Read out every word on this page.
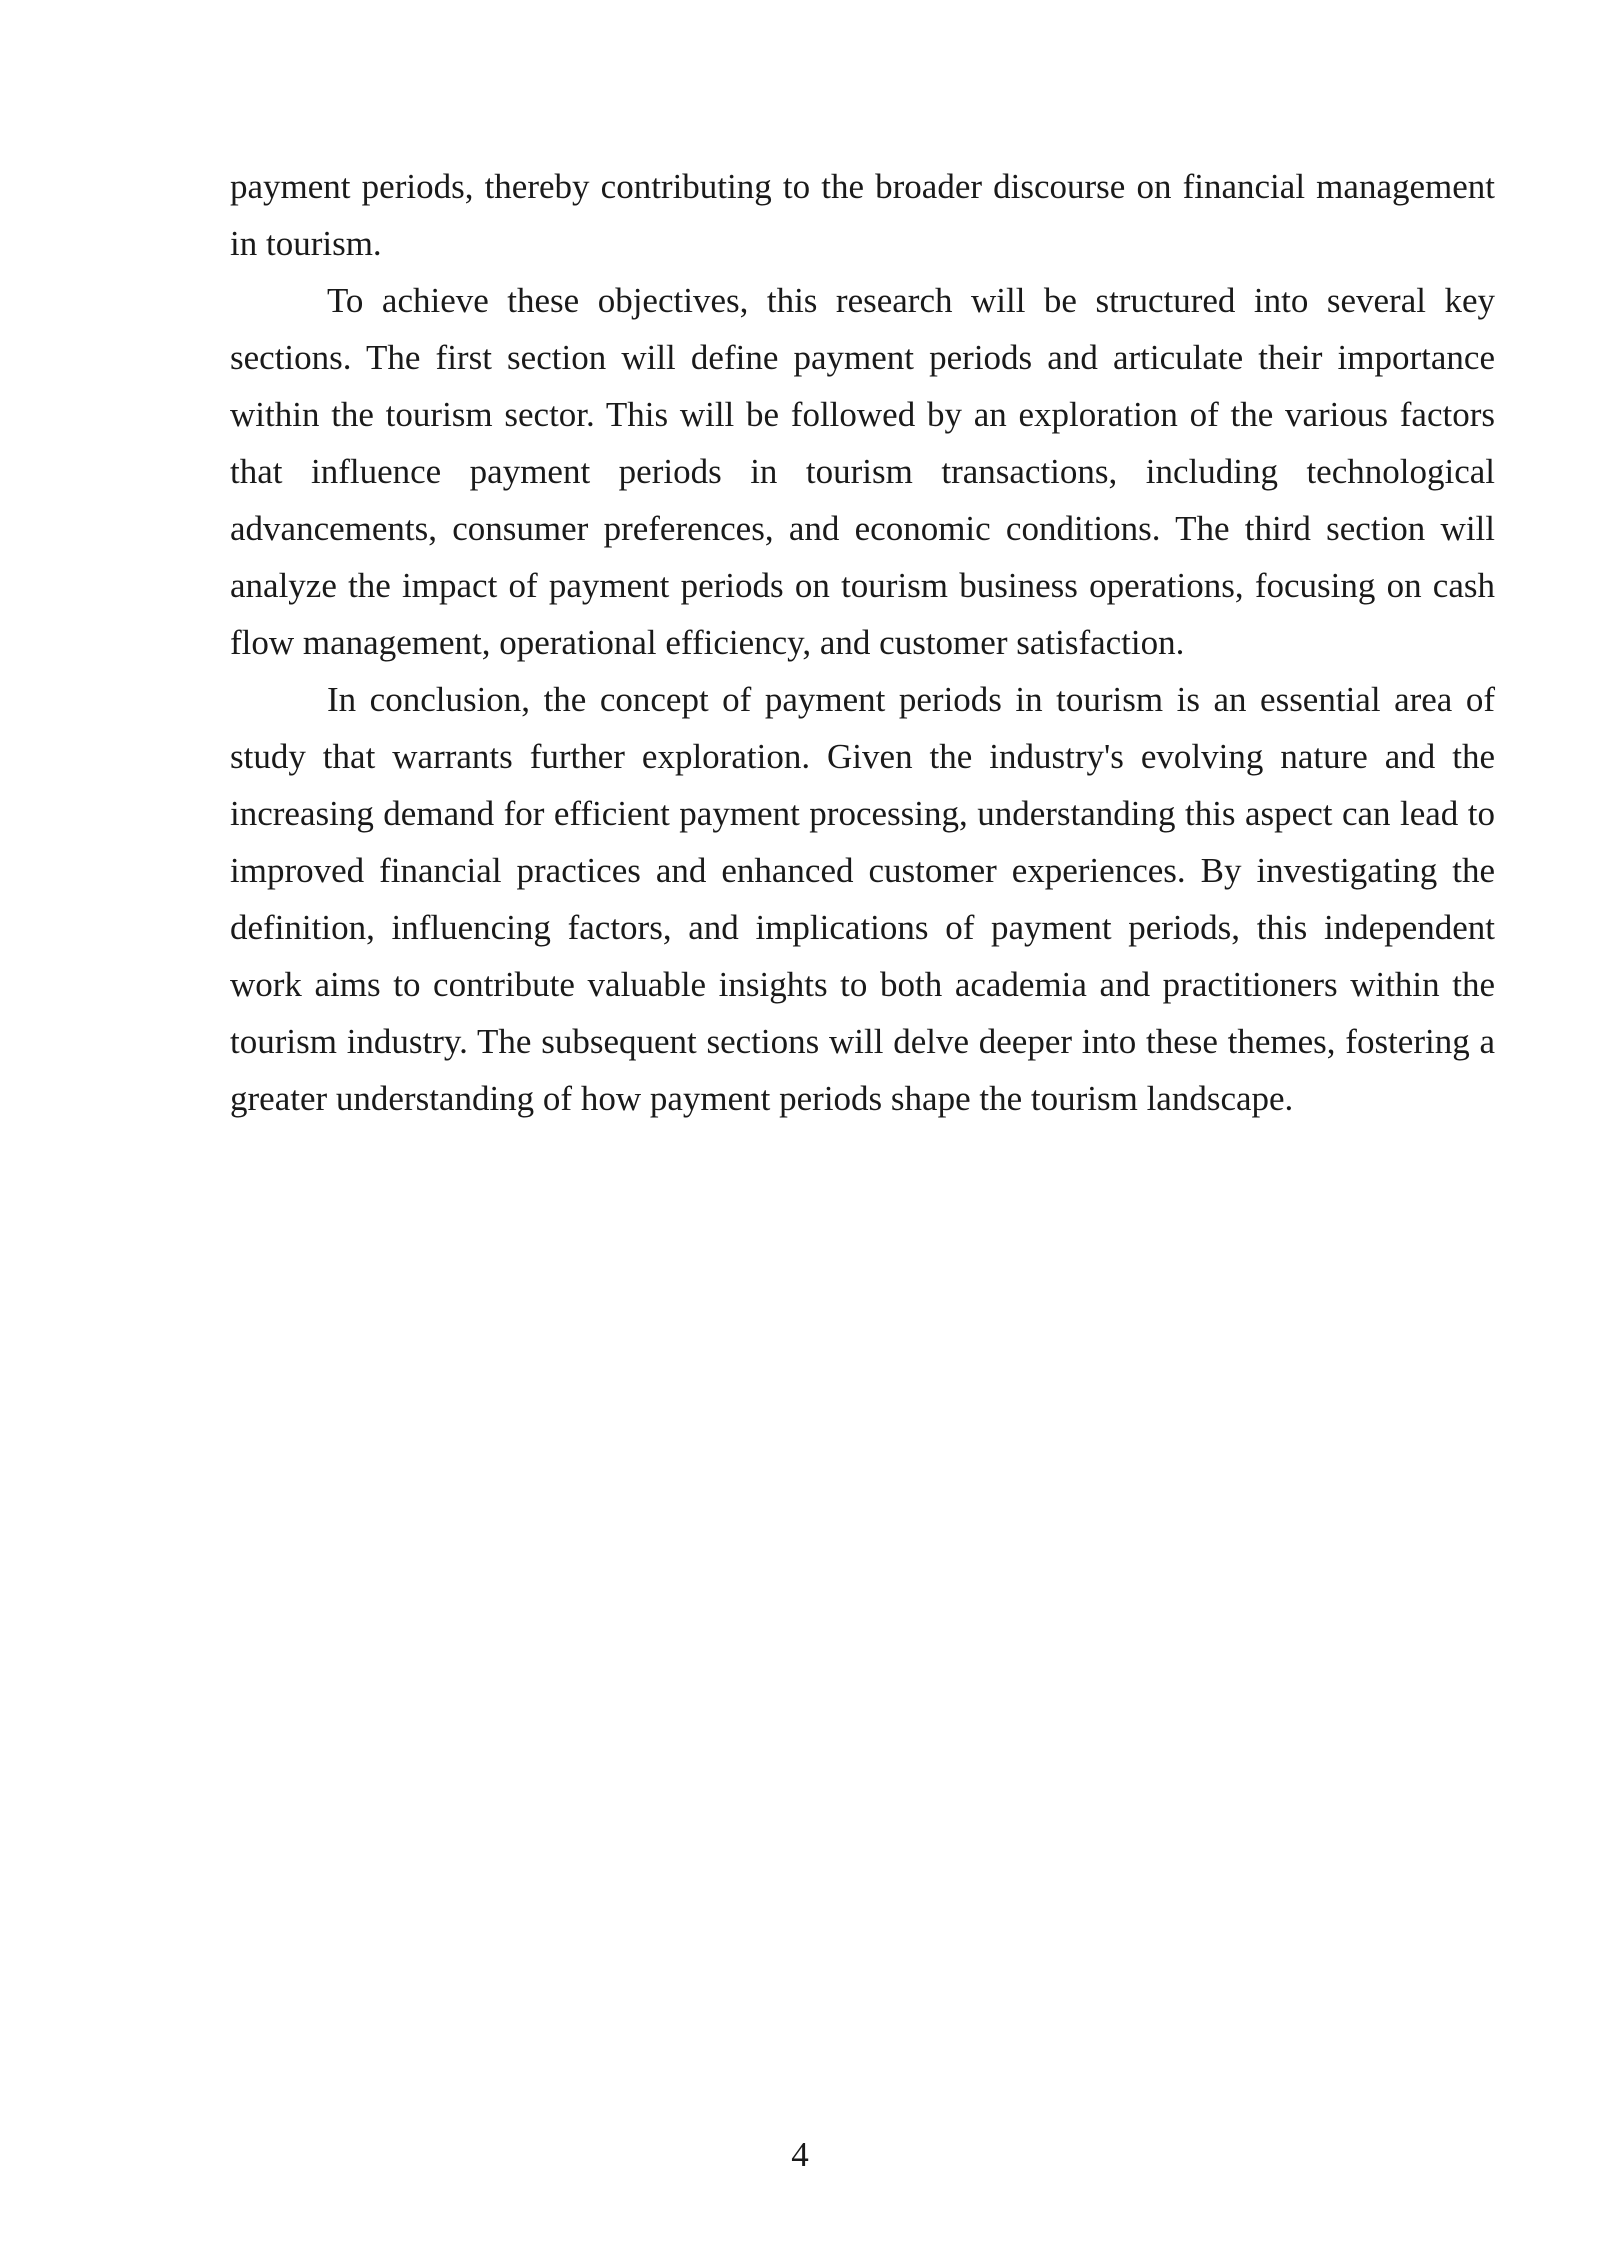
payment periods, thereby contributing to the broader discourse on financial management in tourism.

To achieve these objectives, this research will be structured into several key sections. The first section will define payment periods and articulate their importance within the tourism sector. This will be followed by an exploration of the various factors that influence payment periods in tourism transactions, including technological advancements, consumer preferences, and economic conditions. The third section will analyze the impact of payment periods on tourism business operations, focusing on cash flow management, operational efficiency, and customer satisfaction.

In conclusion, the concept of payment periods in tourism is an essential area of study that warrants further exploration. Given the industry's evolving nature and the increasing demand for efficient payment processing, understanding this aspect can lead to improved financial practices and enhanced customer experiences. By investigating the definition, influencing factors, and implications of payment periods, this independent work aims to contribute valuable insights to both academia and practitioners within the tourism industry. The subsequent sections will delve deeper into these themes, fostering a greater understanding of how payment periods shape the tourism landscape.

4
